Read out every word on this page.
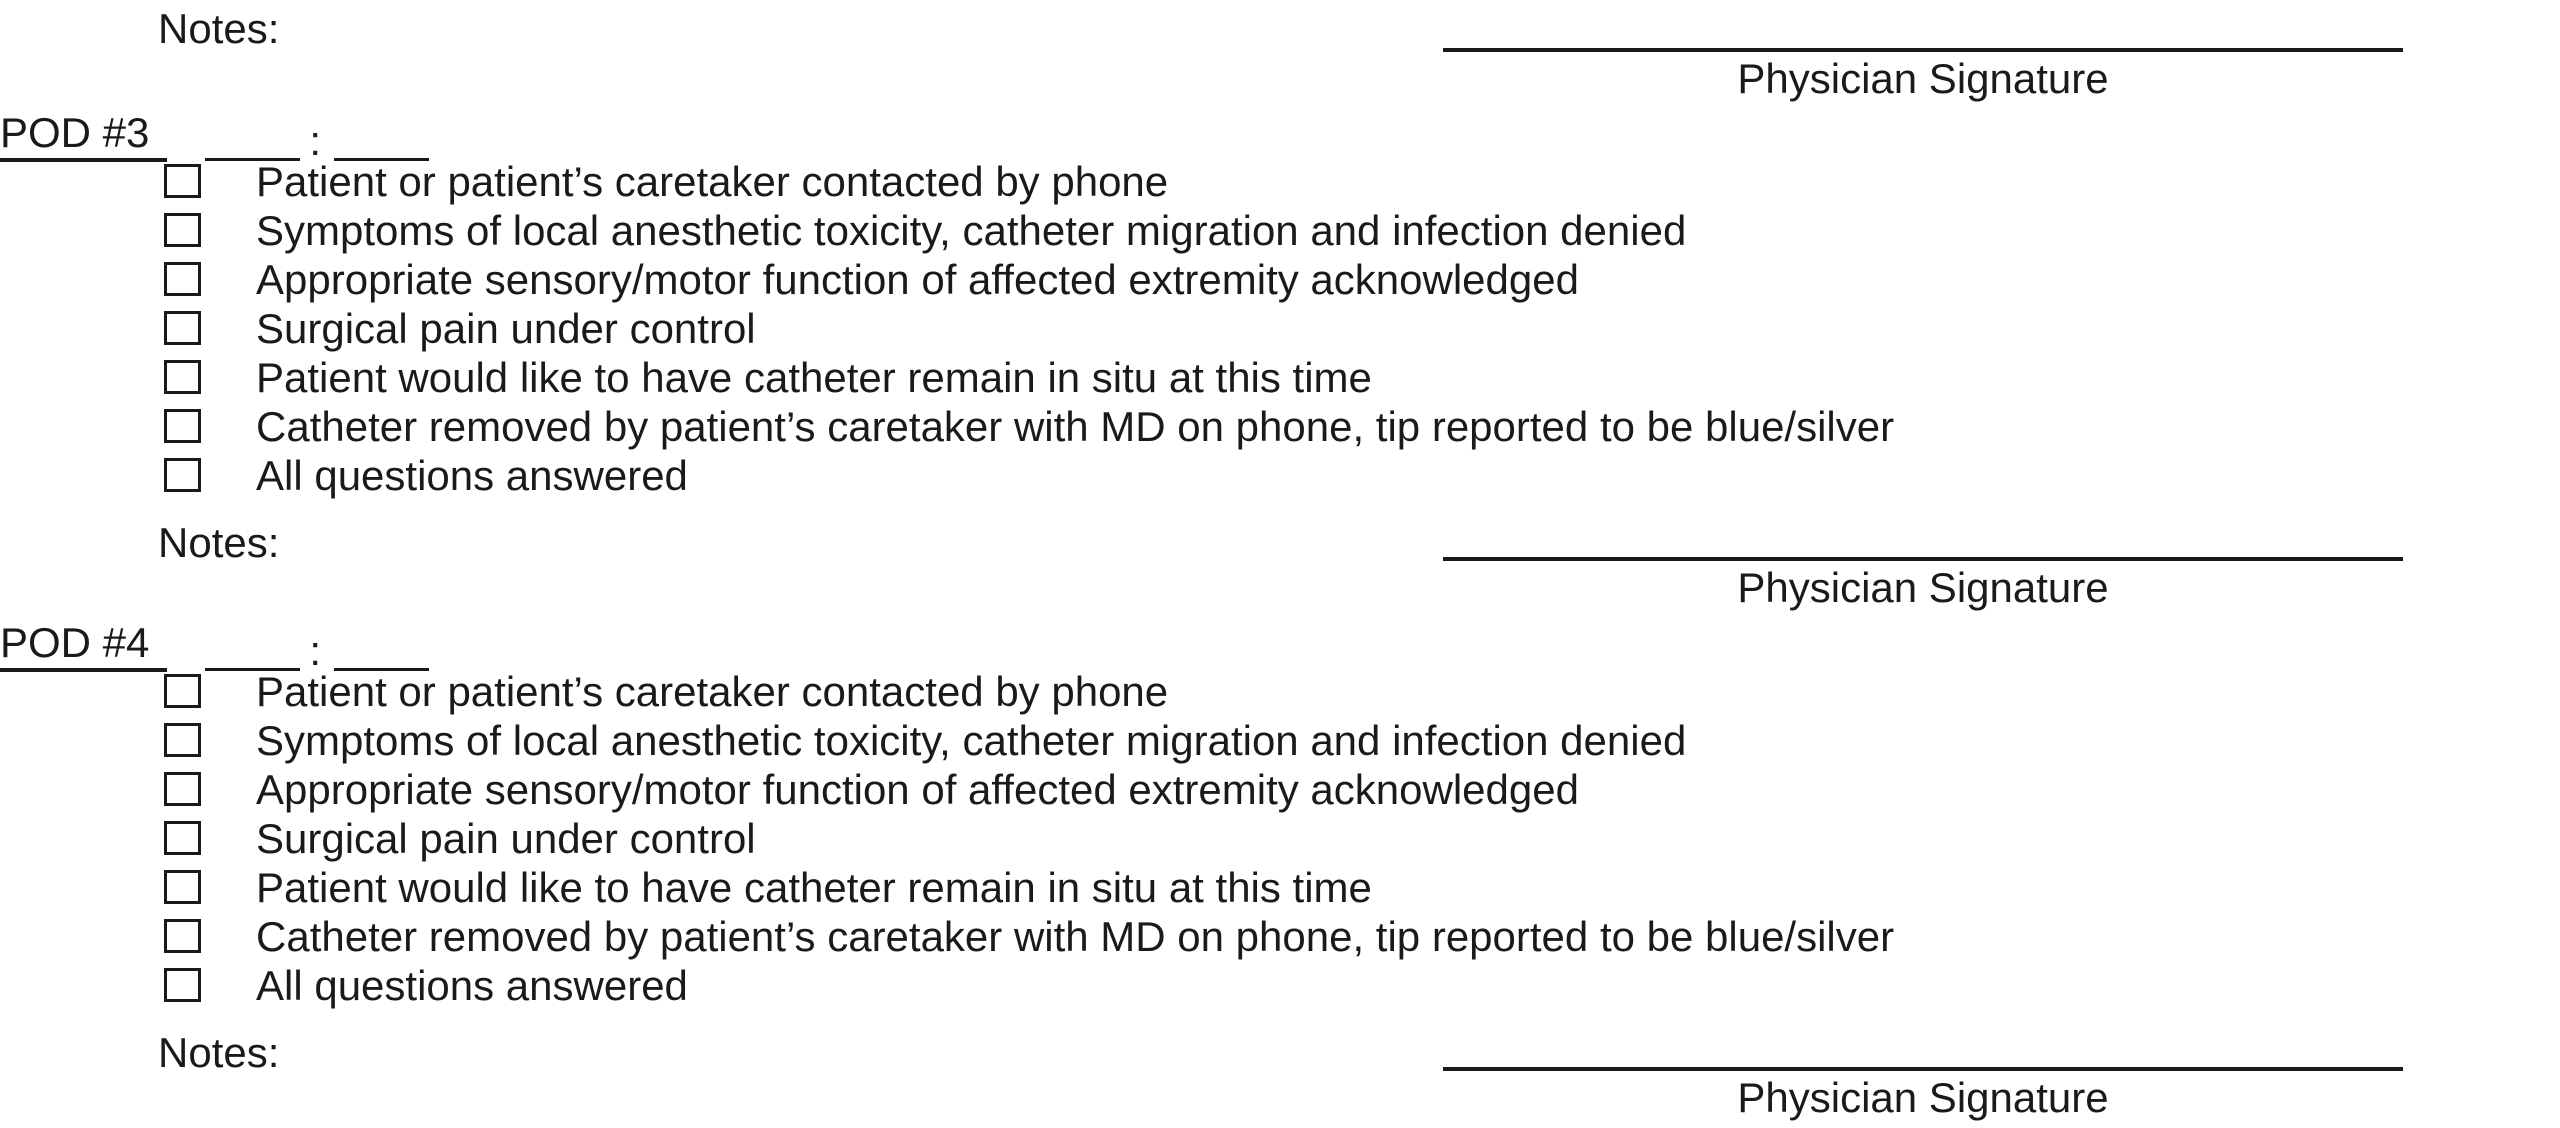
Notes:
Physician Signature
POD #3	:
Patient or patient’s caretaker contacted by phone
Symptoms of local anesthetic toxicity, catheter migration and infection denied
Appropriate sensory/motor function of affected extremity acknowledged
Surgical pain under control
Patient would like to have catheter remain in situ at this time
Catheter removed by patient’s caretaker with MD on phone, tip reported to be blue/silver
All questions answered
Notes:
Physician Signature
POD #4	:
Patient or patient’s caretaker contacted by phone
Symptoms of local anesthetic toxicity, catheter migration and infection denied
Appropriate sensory/motor function of affected extremity acknowledged
Surgical pain under control
Patient would like to have catheter remain in situ at this time
Catheter removed by patient’s caretaker with MD on phone, tip reported to be blue/silver
All questions answered
Notes:
Physician Signature
